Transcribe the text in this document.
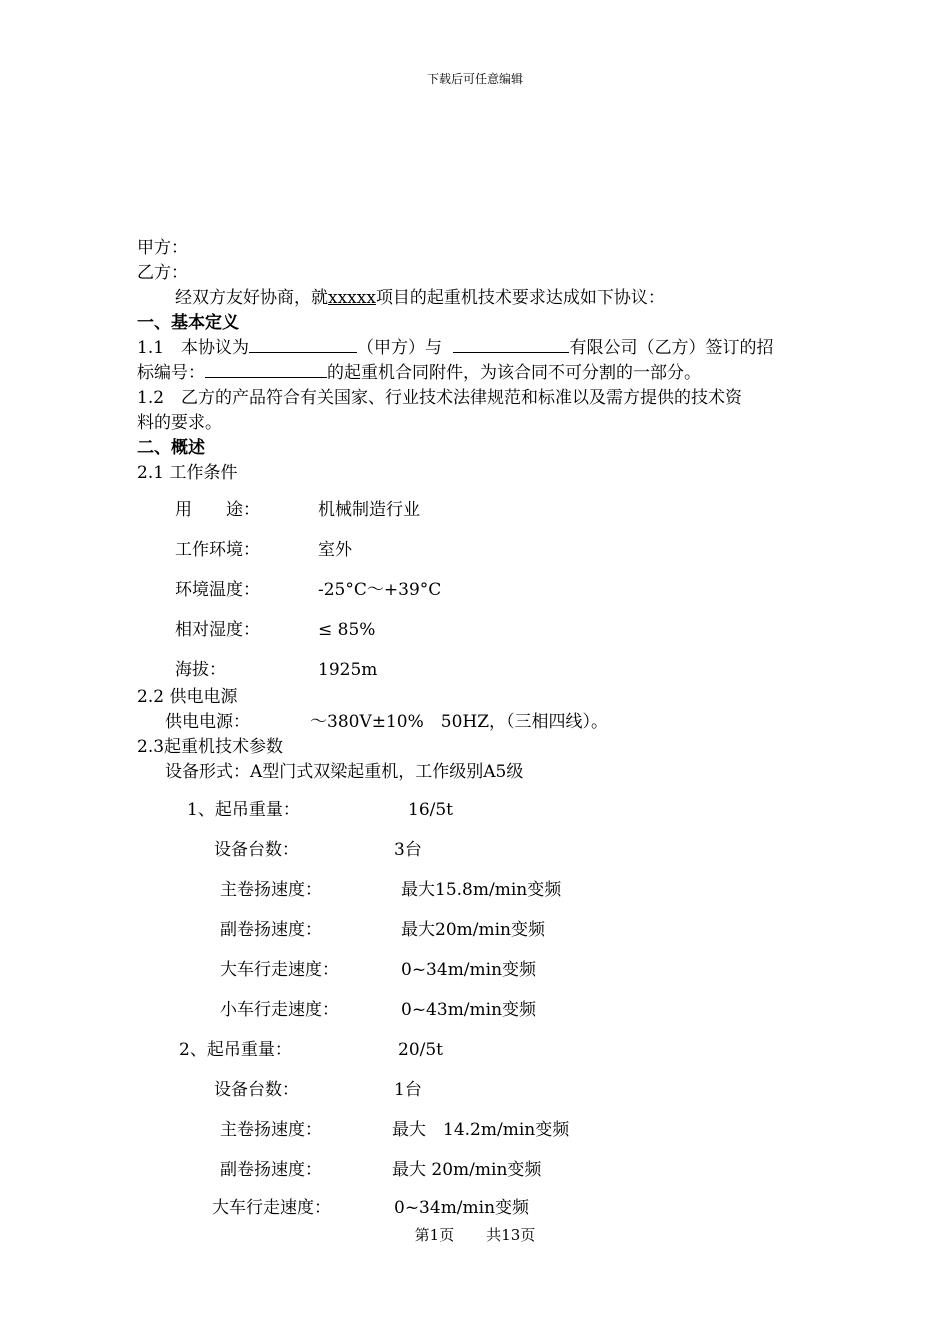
下载后可任意编辑
甲方：
乙方：
经双方友好协商，就xxxxx项目的起重机技术要求达成如下协议：
一、基本定义
1.1　本协议为	（甲方）与	有限公司（乙方）签订的招
标编号：	的起重机合同附件，为该合同不可分割的一部分。
1.2　乙方的产品符合有关国家、行业技术法律规范和标准以及需方提供的技术资
料的要求。
二、概述
2.1 工作条件
用　　途：	机械制造行业
工作环境：	室外
环境温度：	-25°C～+39°C
相对湿度：	≤ 85%
海拔：	1925m
2.2 供电电源
供电电源：	～380V±10%　50HZ，（三相四线）。
2.3起重机技术参数
设备形式：A型门式双梁起重机，工作级别A5级
1、起吊重量：	16/5t
设备台数：	3台
主卷扬速度：	最大15.8m/min变频
副卷扬速度：	最大20m/min变频
大车行走速度：	0~34m/min变频
小车行走速度：	0~43m/min变频
2、起吊重量：	20/5t
设备台数：	1台
主卷扬速度：	最大　14.2m/min变频
副卷扬速度：	最大 20m/min变频
大车行走速度：	0~34m/min变频
第1页 共13页
